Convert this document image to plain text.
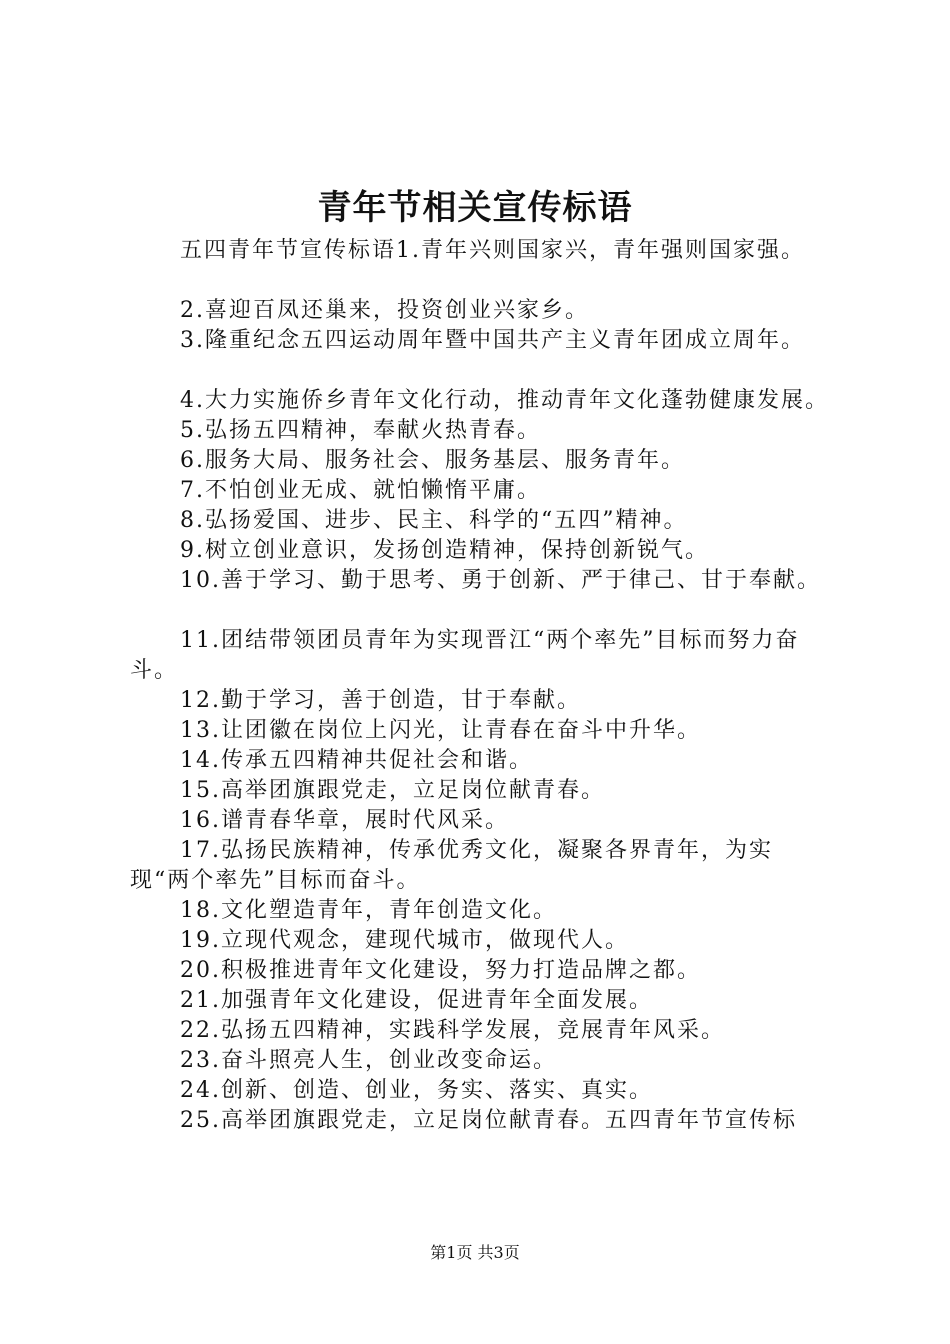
青年节相关宣传标语

五四青年节宣传标语1.青年兴则国家兴，青年强则国家强。

2.喜迎百凤还巢来，投资创业兴家乡。

3.隆重纪念五四运动周年暨中国共产主义青年团成立周年。

4.大力实施侨乡青年文化行动，推动青年文化蓬勃健康发展。

5.弘扬五四精神，奉献火热青春。

6.服务大局、服务社会、服务基层、服务青年。

7.不怕创业无成、就怕懒惰平庸。

8.弘扬爱国、进步、民主、科学的“五四”精神。

9.树立创业意识，发扬创造精神，保持创新锐气。

10.善于学习、勤于思考、勇于创新、严于律己、甘于奉献。

11.团结带领团员青年为实现晋江“两个率先”目标而努力奋斗。

12.勤于学习，善于创造，甘于奉献。

13.让团徽在岗位上闪光，让青春在奋斗中升华。

14.传承五四精神共促社会和谐。

15.高举团旗跟党走，立足岗位献青春。

16.谱青春华章，展时代风采。

17.弘扬民族精神，传承优秀文化，凝聚各界青年，为实现“两个率先”目标而奋斗。

18.文化塑造青年，青年创造文化。

19.立现代观念，建现代城市，做现代人。

20.积极推进青年文化建设，努力打造品牌之都。

21.加强青年文化建设，促进青年全面发展。

22.弘扬五四精神，实践科学发展，竞展青年风采。

23.奋斗照亮人生，创业改变命运。

24.创新、创造、创业，务实、落实、真实。

25.高举团旗跟党走，立足岗位献青春。五四青年节宣传标

第1页 共3页
